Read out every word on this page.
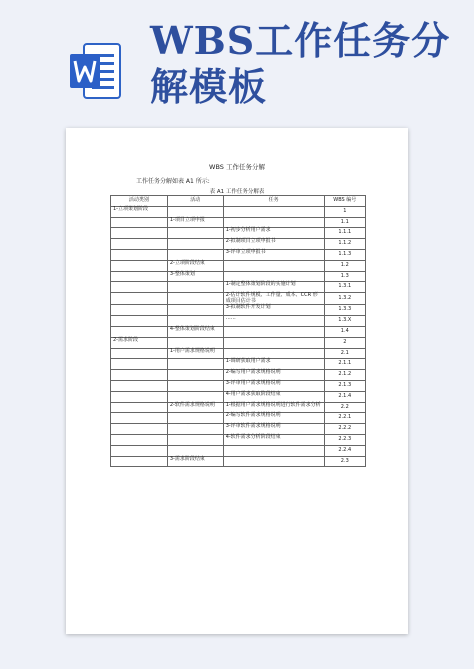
WBS工作任务分解模板
WBS 工作任务分解
工作任务分解如表 A1 所示:
表 A1 工作任务分解表
活动类别	活动	任务	WBS 编号
1-立项策划阶段			1
	1-项目立项申报		1.1
		1-初步分析用户需求	1.1.1
		2-拟制项目立项申报书	1.1.2
		3-评审立项申报书	1.1.3
	2-立项阶段结束		1.2
	3-整体策划		1.3
		1-制定整体策划阶段的实施计划	1.3.1
		2-估计软件规模、工作量、成本、CCR 形成项目估计书	1.3.2
		3-拟制软件开发计划	1.3.3
		……	1.3.X
	4-整体策划阶段结束		1.4
2-需求阶段			2
	1-用户需求规格说明		2.1
		1-调研获取用户需求	2.1.1
		2-编写用户需求规格说明	2.1.2
		3-评审用户需求规格说明	2.1.3
		4-用户需求获取阶段结束	2.1.4
	2-软件需求规格说明	1-根据用户需求规格说明进行软件需求分析	2.2
		2-编写软件需求规格说明	2.2.1
		3-评审软件需求规格说明	2.2.2
		4-软件需求分析阶段结束	2.2.3
			2.2.4
	3-需求阶段结束		2.3
